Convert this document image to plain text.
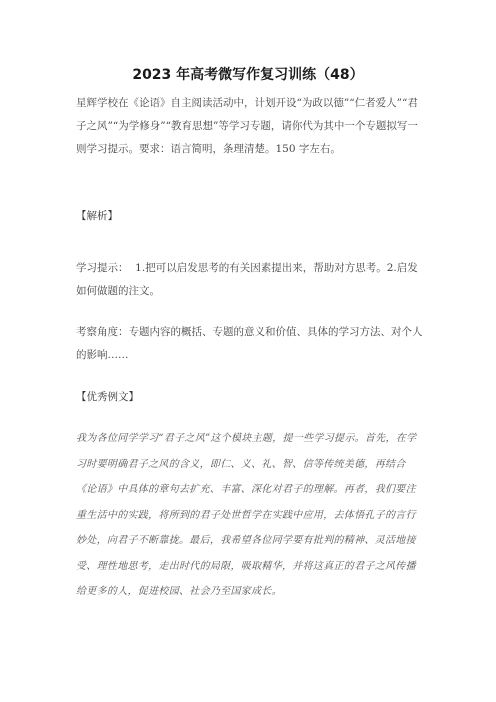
2023 年高考微写作复习训练（48）

星辉学校在《论语》自主阅读活动中，计划开设“为政以德”“仁者爱人”“君子之风”“为学修身”“教育思想”等学习专题，请你代为其中一个专题拟写一则学习提示。要求：语言简明，条理清楚。150 字左右。

【解析】

学习提示：  1.把可以启发思考的有关因素提出来，帮助对方思考。2.启发如何做题的注文。

考察角度：专题内容的概括、专题的意义和价值、具体的学习方法、对个人的影响……

【优秀例文】

我为各位同学学习“君子之风”这个模块主题，提一些学习提示。首先，在学习时要明确君子之风的含义，即仁、义、礼、智、信等传统美德，再结合《论语》中具体的章句去扩充、丰富、深化对君子的理解。再者，我们要注重生活中的实践，将所到的君子处世哲学在实践中应用，去体悟孔子的言行妙处，向君子不断靠拢。最后，我希望各位同学要有批判的精神、灵活地接受、理性地思考，走出时代的局限，吸取精华，并将这真正的君子之风传播给更多的人，促进校园、社会乃至国家成长。
